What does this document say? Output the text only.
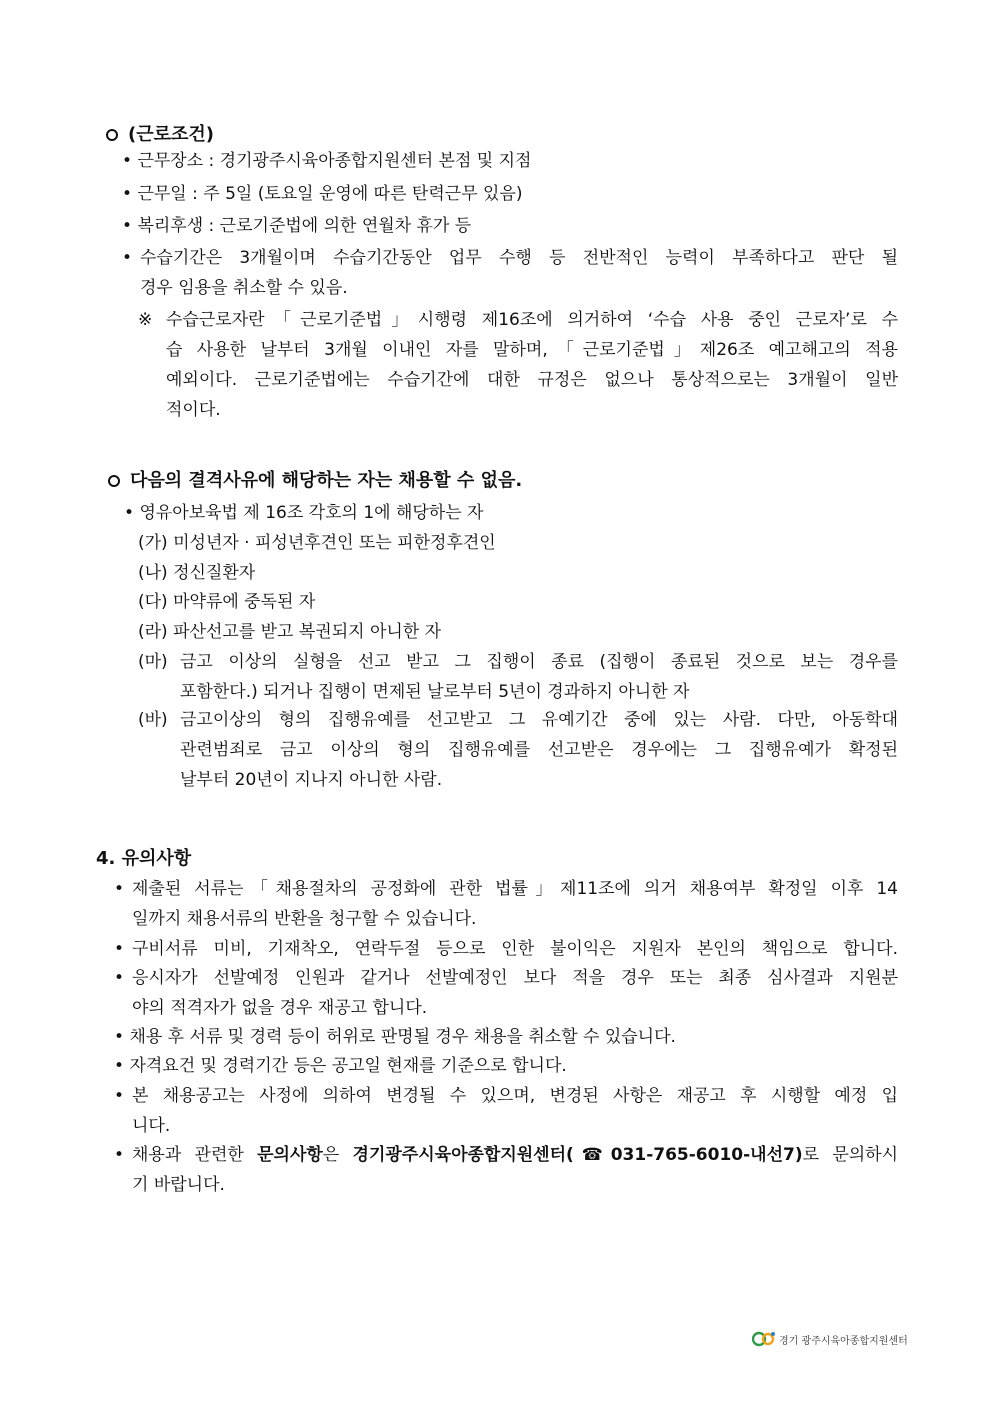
(근로조건)
• 근무장소 : 경기광주시육아종합지원센터 본점 및 지점
• 근무일 : 주 5일 (토요일 운영에 따른 탄력근무 있음)
• 복리후생 : 근로기준법에 의한 연월차 휴가 등
• 수습기간은 3개월이며 수습기간동안 업무 수행 등 전반적인 능력이 부족하다고 판단 될
경우 임용을 취소할 수 있음.
※ 수습근로자란「근로기준법」시행령 제16조에 의거하여 ‘수습 사용 중인 근로자’로 수
습 사용한 날부터 3개월 이내인 자를 말하며,「근로기준법」제26조 예고해고의 적용
예외이다. 근로기준법에는 수습기간에 대한 규정은 없으나 통상적으로는 3개월이 일반
적이다.
다음의 결격사유에 해당하는 자는 채용할 수 없음.
• 영유아보육법 제 16조 각호의 1에 해당하는 자
(가) 미성년자 · 피성년후견인 또는 피한정후견인
(나) 정신질환자
(다) 마약류에 중독된 자
(라) 파산선고를 받고 복권되지 아니한 자
(마) 금고 이상의 실형을 선고 받고 그 집행이 종료 (집행이 종료된 것으로 보는 경우를
포함한다.) 되거나 집행이 면제된 날로부터 5년이 경과하지 아니한 자
(바) 금고이상의 형의 집행유예를 선고받고 그 유예기간 중에 있는 사람. 다만, 아동학대
관련범죄로 금고 이상의 형의 집행유예를 선고받은 경우에는 그 집행유예가 확정된
날부터 20년이 지나지 아니한 사람.
4. 유의사항
• 제출된 서류는「채용절차의 공정화에 관한 법률」제11조에 의거 채용여부 확정일 이후 14
일까지 채용서류의 반환을 청구할 수 있습니다.
• 구비서류 미비, 기재착오, 연락두절 등으로 인한 불이익은 지원자 본인의 책임으로 합니다.
• 응시자가 선발예정 인원과 같거나 선발예정인 보다 적을 경우 또는 최종 심사결과 지원분
야의 적격자가 없을 경우 재공고 합니다.
• 채용 후 서류 및 경력 등이 허위로 판명될 경우 채용을 취소할 수 있습니다.
• 자격요건 및 경력기간 등은 공고일 현재를 기준으로 합니다.
• 본 채용공고는 사정에 의하여 변경될 수 있으며, 변경된 사항은 재공고 후 시행할 예정 입
니다.
• 채용과 관련한 문의사항은 경기광주시육아종합지원센터(☎031-765-6010-내선7)로 문의하시
기 바랍니다.
경기 광주시육아종합지원센터
